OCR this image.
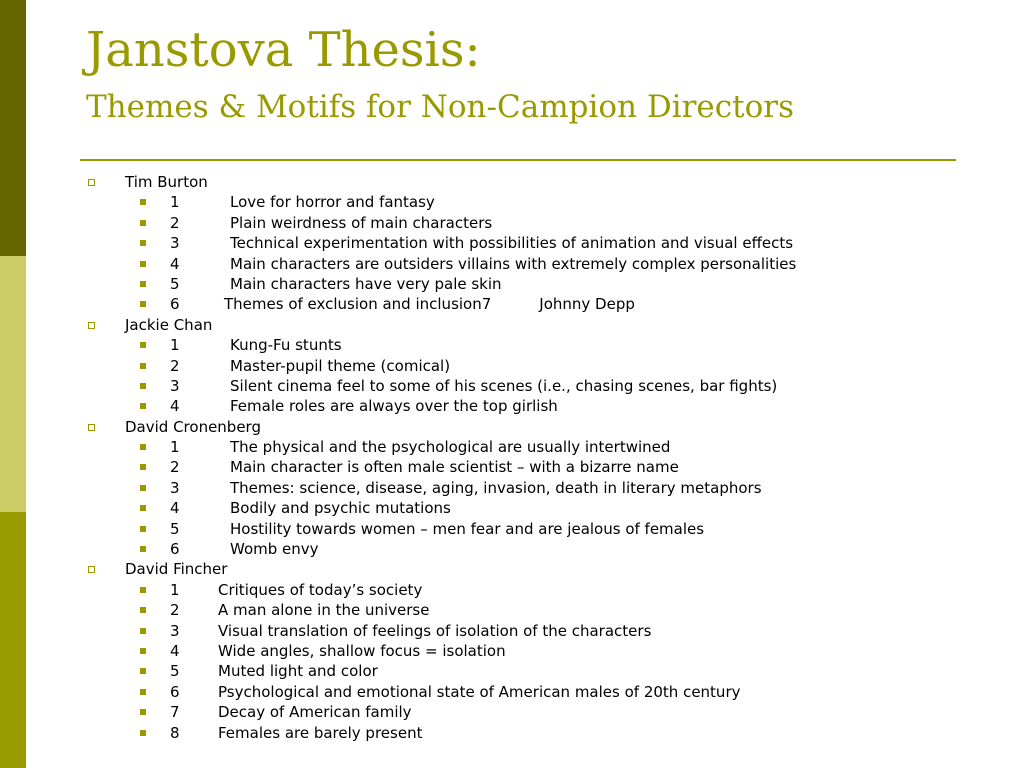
Janstova Thesis:
Themes & Motifs for Non-Campion Directors
Tim Burton
1	Love for horror and fantasy
2	Plain weirdness of main characters
3	Technical experimentation with possibilities of animation and visual effects
4	Main characters are outsiders villains with extremely complex personalities
5	Main characters have very pale skin
6	Themes of exclusion and inclusion7	Johnny Depp
Jackie Chan
1	Kung-Fu stunts
2	Master-pupil theme (comical)
3	Silent cinema feel to some of his scenes (i.e., chasing scenes, bar fights)
4	Female roles are always over the top girlish
David Cronenberg
1	The physical and the psychological are usually intertwined
2	Main character is often male scientist – with a bizarre name
3	Themes: science, disease, aging, invasion, death in literary metaphors
4	Bodily and psychic mutations
5	Hostility towards women – men fear and are jealous of females
6	Womb envy
David Fincher
1	Critiques of today’s society
2	A man alone in the universe
3	Visual translation of feelings of isolation of the characters
4	Wide angles, shallow focus = isolation
5	Muted light and color
6	Psychological and emotional state of American males of 20th century
7	Decay of American family
8	Females are barely present
